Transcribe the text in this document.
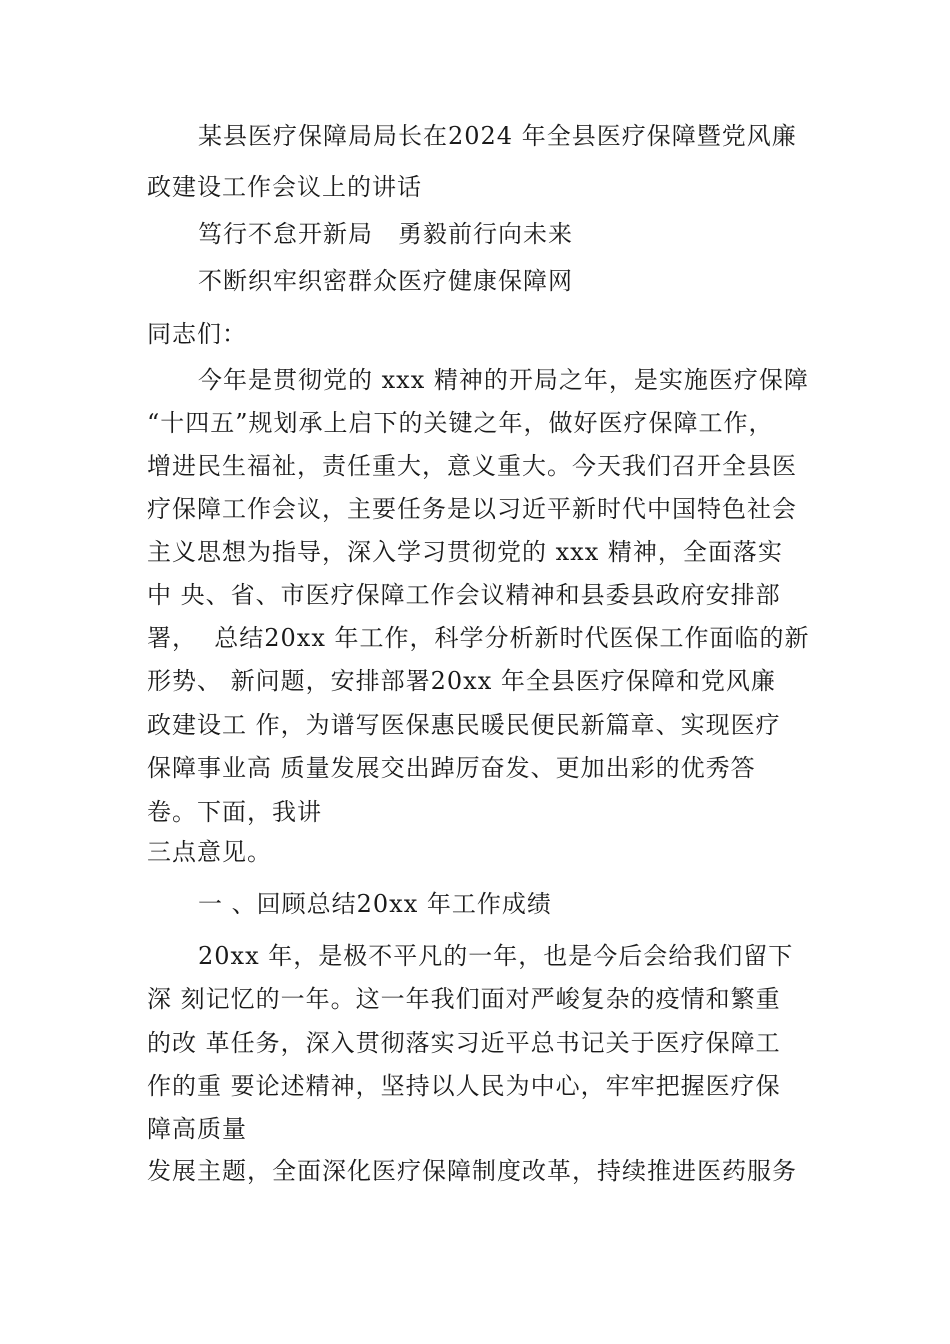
某县医疗保障局局长在2024 年全县医疗保障暨党风廉
政建设工作会议上的讲话
笃行不怠开新局　勇毅前行向未来
不断织牢织密群众医疗健康保障网
同志们：
今年是贯彻党的 xxx 精神的开局之年，是实施医疗保障
“十四五”规划承上启下的关键之年，做好医疗保障工作，
增进民生福祉，责任重大，意义重大。今天我们召开全县医
疗保障工作会议，主要任务是以习近平新时代中国特色社会
主义思想为指导，深入学习贯彻党的 xxx 精神，全面落实
中 央、省、市医疗保障工作会议精神和县委县政府安排部
署，  总结20xx 年工作，科学分析新时代医保工作面临的新
形势、 新问题，安排部署20xx 年全县医疗保障和党风廉
政建设工 作，为谱写医保惠民暖民便民新篇章、实现医疗
保障事业高 质量发展交出踔厉奋发、更加出彩的优秀答
卷。下面，我讲
三点意见。
一 、回顾总结20xx 年工作成绩
20xx 年，是极不平凡的一年，也是今后会给我们留下
深 刻记忆的一年。这一年我们面对严峻复杂的疫情和繁重
的改 革任务，深入贯彻落实习近平总书记关于医疗保障工
作的重 要论述精神，坚持以人民为中心，牢牢把握医疗保
障高质量
发展主题，全面深化医疗保障制度改革，持续推进医药服务
